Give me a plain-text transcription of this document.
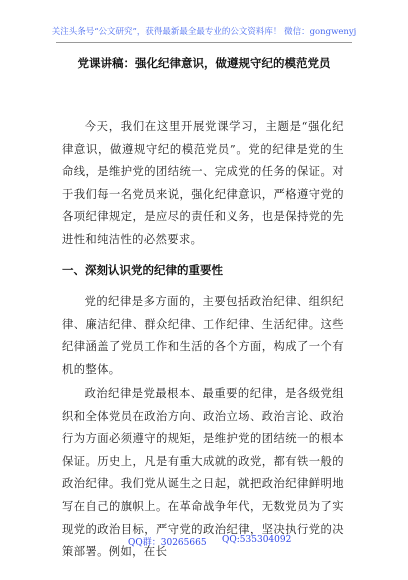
关注头条号“公文研究”，获得最新最全最专业的公文资料库！ 微信：gongwenyj
党课讲稿：强化纪律意识，做遵规守纪的模范党员

今天，我们在这里开展党课学习，主题是“强化纪律意识，做遵规守纪的模范党员”。党的纪律是党的生命线，是维护党的团结统一、完成党的任务的保证。对于我们每一名党员来说，强化纪律意识，严格遵守党的各项纪律规定，是应尽的责任和义务，也是保持党的先进性和纯洁性的必然要求。

一、深刻认识党的纪律的重要性

党的纪律是多方面的，主要包括政治纪律、组织纪律、廉洁纪律、群众纪律、工作纪律、生活纪律。这些纪律涵盖了党员工作和生活的各个方面，构成了一个有机的整体。

政治纪律是党最根本、最重要的纪律，是各级党组织和全体党员在政治方向、政治立场、政治言论、政治行为方面必须遵守的规矩，是维护党的团结统一的根本保证。历史上，凡是有重大成就的政党，都有铁一般的政治纪律。我们党从诞生之日起，就把政治纪律鲜明地写在自己的旗帜上。在革命战争年代，无数党员为了实现党的政治目标，严守党的政治纪律，坚决执行党的决策部署。例如，在长

QQ群：30265665 QQ:535304092
